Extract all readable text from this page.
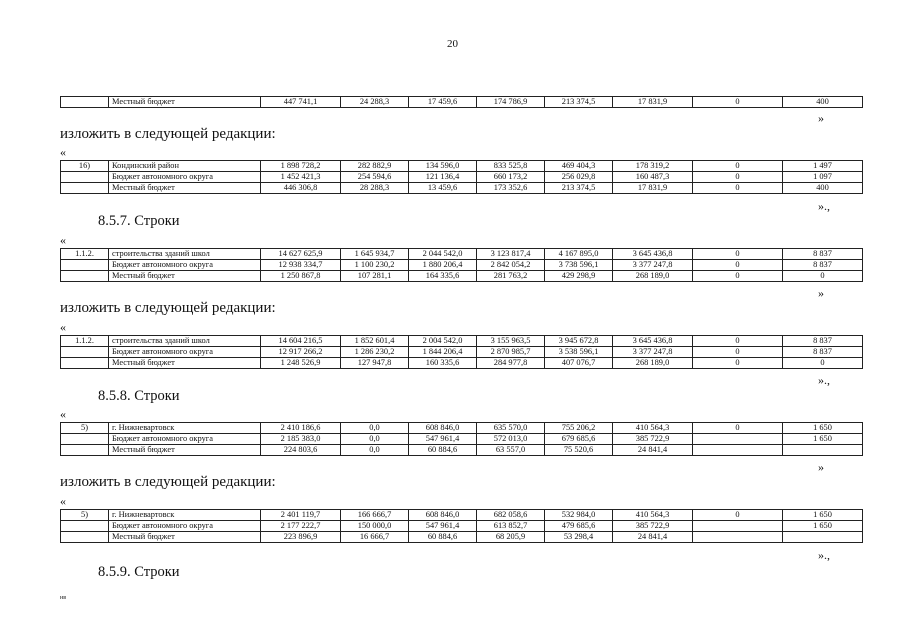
20
	Местный бюджет	447 741,1	24 288,3	17 459,6	174 786,9	213 374,5	17 831,9	0	400
»
изложить в следующей редакции:
«
16)	Кондинский район	1 898 728,2	282 882,9	134 596,0	833 525,8	469 404,3	178 319,2	0	1 497
	Бюджет автономного округа	1 452 421,3	254 594,6	121 136,4	660 173,2	256 029,8	160 487,3	0	1 097
	Местный бюджет	446 306,8	28 288,3	13 459,6	173 352,6	213 374,5	17 831,9	0	400
».,
8.5.7. Строки
«
1.1.2.	строительства зданий школ	14 627 625,9	1 645 934,7	2 044 542,0	3 123 817,4	4 167 895,0	3 645 436,8	0	8 837
	Бюджет автономного округа	12 938 334,7	1 100 230,2	1 880 206,4	2 842 054,2	3 738 596,1	3 377 247,8	0	8 837
	Местный бюджет	1 250 867,8	107 281,1	164 335,6	281 763,2	429 298,9	268 189,0	0	0
»
изложить в следующей редакции:
«
1.1.2.	строительства зданий школ	14 604 216,5	1 852 601,4	2 004 542,0	3 155 963,5	3 945 672,8	3 645 436,8	0	8 837
	Бюджет автономного округа	12 917 266,2	1 286 230,2	1 844 206,4	2 870 985,7	3 538 596,1	3 377 247,8	0	8 837
	Местный бюджет	1 248 526,9	127 947,8	160 335,6	284 977,8	407 076,7	268 189,0	0	0
».,
8.5.8. Строки
«
5)	г. Нижневартовск	2 410 186,6	0,0	608 846,0	635 570,0	755 206,2	410 564,3	0	1 650
	Бюджет автономного округа	2 185 383,0	0,0	547 961,4	572 013,0	679 685,6	385 722,9		1 650
	Местный бюджет	224 803,6	0,0	60 884,6	63 557,0	75 520,6	24 841,4		
»
изложить в следующей редакции:
«
5)	г. Нижневартовск	2 401 119,7	166 666,7	608 846,0	682 058,6	532 984,0	410 564,3	0	1 650
	Бюджет автономного округа	2 177 222,7	150 000,0	547 961,4	613 852,7	479 685,6	385 722,9		1 650
	Местный бюджет	223 896,9	16 666,7	60 884,6	68 205,9	53 298,4	24 841,4		
».,
8.5.9. Строки
нв
